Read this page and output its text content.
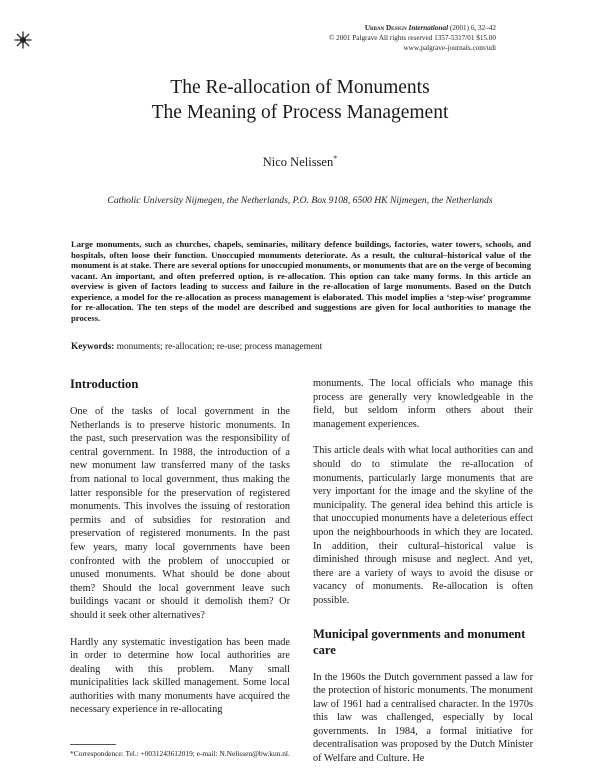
Urban Design International (2001) 6, 32–42
© 2001 Palgrave All rights reserved 1357-5317/01 $15.00
www.palgrave-journals.com/udi
The Re-allocation of Monuments
The Meaning of Process Management
Nico Nelissen*
Catholic University Nijmegen, the Netherlands, P.O. Box 9108, 6500 HK Nijmegen, the Netherlands
Large monuments, such as churches, chapels, seminaries, military defence buildings, factories, water towers, schools, and hospitals, often loose their function. Unoccupied monuments deteriorate. As a result, the cultural–historical value of the monument is at stake. There are several options for unoccupied monuments, or monuments that are on the verge of becoming vacant. An important, and often preferred option, is re-allocation. This option can take many forms. In this article an overview is given of factors leading to success and failure in the re-allocation of large monuments. Based on the Dutch experience, a model for the re-allocation as process management is elaborated. This model implies a ‘step-wise’ programme for re-allocation. The ten steps of the model are described and suggestions are given for local authorities to manage the process.
Keywords: monuments; re-allocation; re-use; process management
Introduction

One of the tasks of local government in the Netherlands is to preserve historic monuments. In the past, such preservation was the responsibility of central government. In 1988, the introduction of a new monument law transferred many of the tasks from national to local government, thus making the latter responsible for the preservation of registered monuments. This involves the issuing of restoration permits and of subsidies for restoration and preservation of registered monuments. In the past few years, many local governments have been confronted with the problem of unoccupied or unused monuments. What should be done about them? Should the local government leave such buildings vacant or should it demolish them? Or should it seek other alternatives?

Hardly any systematic investigation has been made in order to determine how local authorities are dealing with this problem. Many small municipalities lack skilled management. Some local authorities with many monuments have acquired the necessary experience in re-allocating

monuments. The local officials who manage this process are generally very knowledgeable in the field, but seldom inform others about their management experiences.

This article deals with what local authorities can and should do to stimulate the re-allocation of monuments, particularly large monuments that are very important for the image and the skyline of the municipality. The general idea behind this article is that unoccupied monuments have a deleterious effect upon the neighbourhoods in which they are located. In addition, their cultural–historical value is diminished through misuse and neglect. And yet, there are a variety of ways to avoid the disuse or vacancy of monuments. Re-allocation is often possible.

Municipal governments and monument care

In the 1960s the Dutch government passed a law for the protection of historic monuments. The monument law of 1961 had a centralised character. In the 1970s this law was challenged, especially by local governments. In 1984, a formal initiative for decentralisation was proposed by the Dutch Minister of Welfare and Culture. He

*Correspondence: Tel.: +0031243612019; e-mail: N.Nelissen@bw.kun.nl.
